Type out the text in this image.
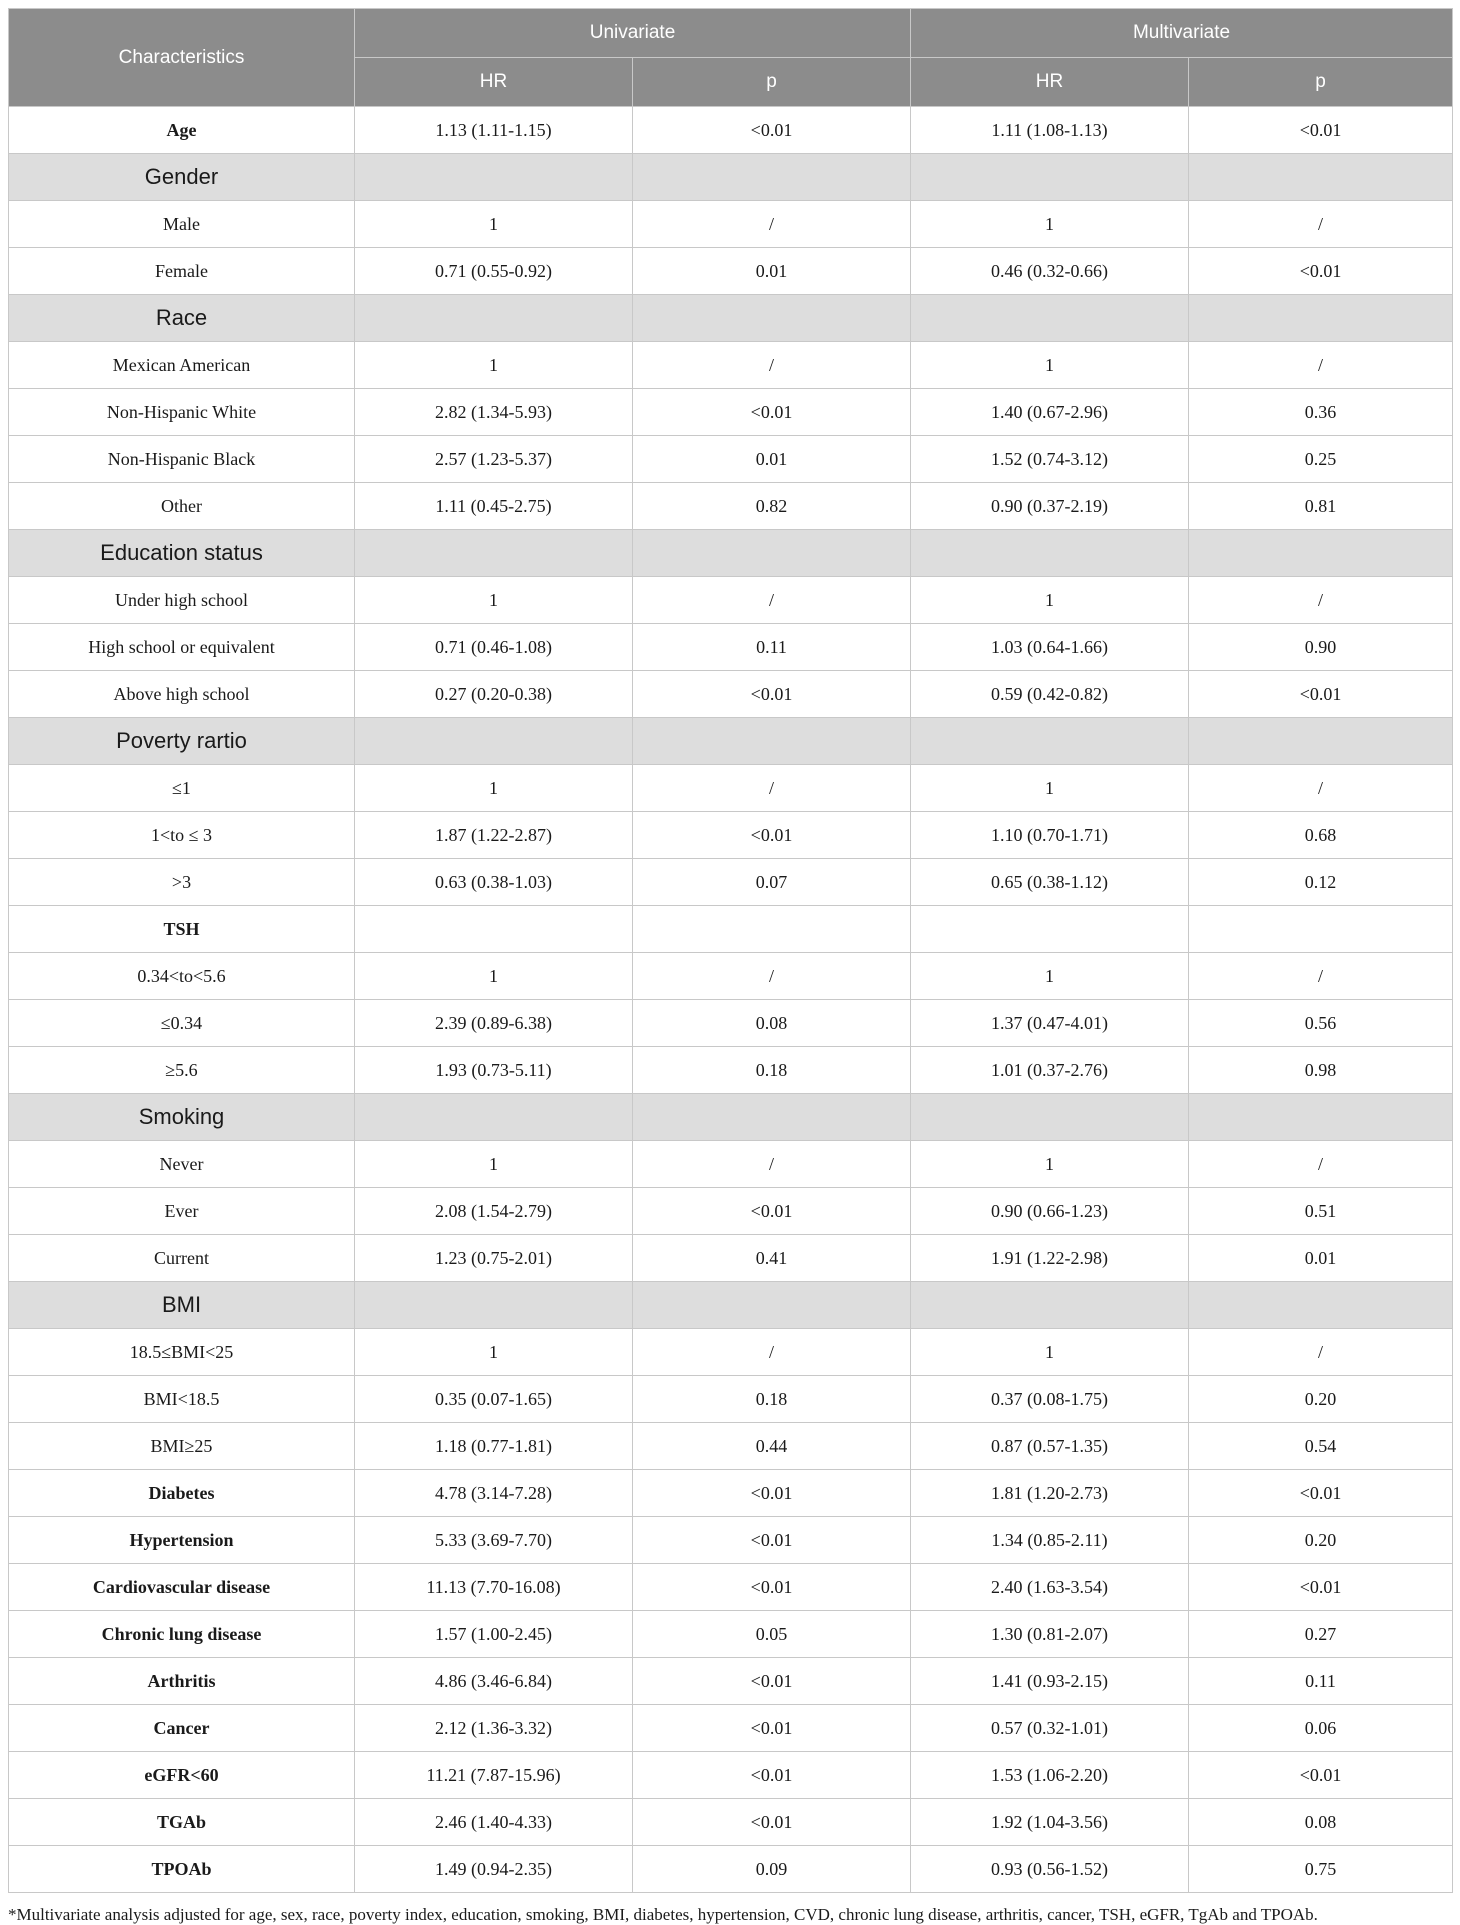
Characteristics	Univariate		Multivariate	
	HR	p	HR	p
Age	1.13 (1.11-1.15)	<0.01	1.11 (1.08-1.13)	<0.01
Gender				
Male	1	/	1	/
Female	0.71 (0.55-0.92)	0.01	0.46 (0.32-0.66)	<0.01
Race				
Mexican American	1	/	1	/
Non-Hispanic White	2.82 (1.34-5.93)	<0.01	1.40 (0.67-2.96)	0.36
Non-Hispanic Black	2.57 (1.23-5.37)	0.01	1.52 (0.74-3.12)	0.25
Other	1.11 (0.45-2.75)	0.82	0.90 (0.37-2.19)	0.81
Education status				
Under high school	1	/	1	/
High school or equivalent	0.71 (0.46-1.08)	0.11	1.03 (0.64-1.66)	0.90
Above high school	0.27 (0.20-0.38)	<0.01	0.59 (0.42-0.82)	<0.01
Poverty rartio				
≤1	1	/	1	/
1<to ≤ 3	1.87 (1.22-2.87)	<0.01	1.10 (0.70-1.71)	0.68
>3	0.63 (0.38-1.03)	0.07	0.65 (0.38-1.12)	0.12
TSH				
0.34<to<5.6	1	/	1	/
≤0.34	2.39 (0.89-6.38)	0.08	1.37 (0.47-4.01)	0.56
≥5.6	1.93 (0.73-5.11)	0.18	1.01 (0.37-2.76)	0.98
Smoking				
Never	1	/	1	/
Ever	2.08 (1.54-2.79)	<0.01	0.90 (0.66-1.23)	0.51
Current	1.23 (0.75-2.01)	0.41	1.91 (1.22-2.98)	0.01
BMI				
18.5≤BMI<25	1	/	1	/
BMI<18.5	0.35 (0.07-1.65)	0.18	0.37 (0.08-1.75)	0.20
BMI≥25	1.18 (0.77-1.81)	0.44	0.87 (0.57-1.35)	0.54
Diabetes	4.78 (3.14-7.28)	<0.01	1.81 (1.20-2.73)	<0.01
Hypertension	5.33 (3.69-7.70)	<0.01	1.34 (0.85-2.11)	0.20
Cardiovascular disease	11.13 (7.70-16.08)	<0.01	2.40 (1.63-3.54)	<0.01
Chronic lung disease	1.57 (1.00-2.45)	0.05	1.30 (0.81-2.07)	0.27
Arthritis	4.86 (3.46-6.84)	<0.01	1.41 (0.93-2.15)	0.11
Cancer	2.12 (1.36-3.32)	<0.01	0.57 (0.32-1.01)	0.06
eGFR<60	11.21 (7.87-15.96)	<0.01	1.53 (1.06-2.20)	<0.01
TGAb	2.46 (1.40-4.33)	<0.01	1.92 (1.04-3.56)	0.08
TPOAb	1.49 (0.94-2.35)	0.09	0.93 (0.56-1.52)	0.75
*Multivariate analysis adjusted for age, sex, race, poverty index, education, smoking, BMI, diabetes, hypertension, CVD, chronic lung disease, arthritis, cancer, TSH, eGFR, TgAb and TPOAb.
